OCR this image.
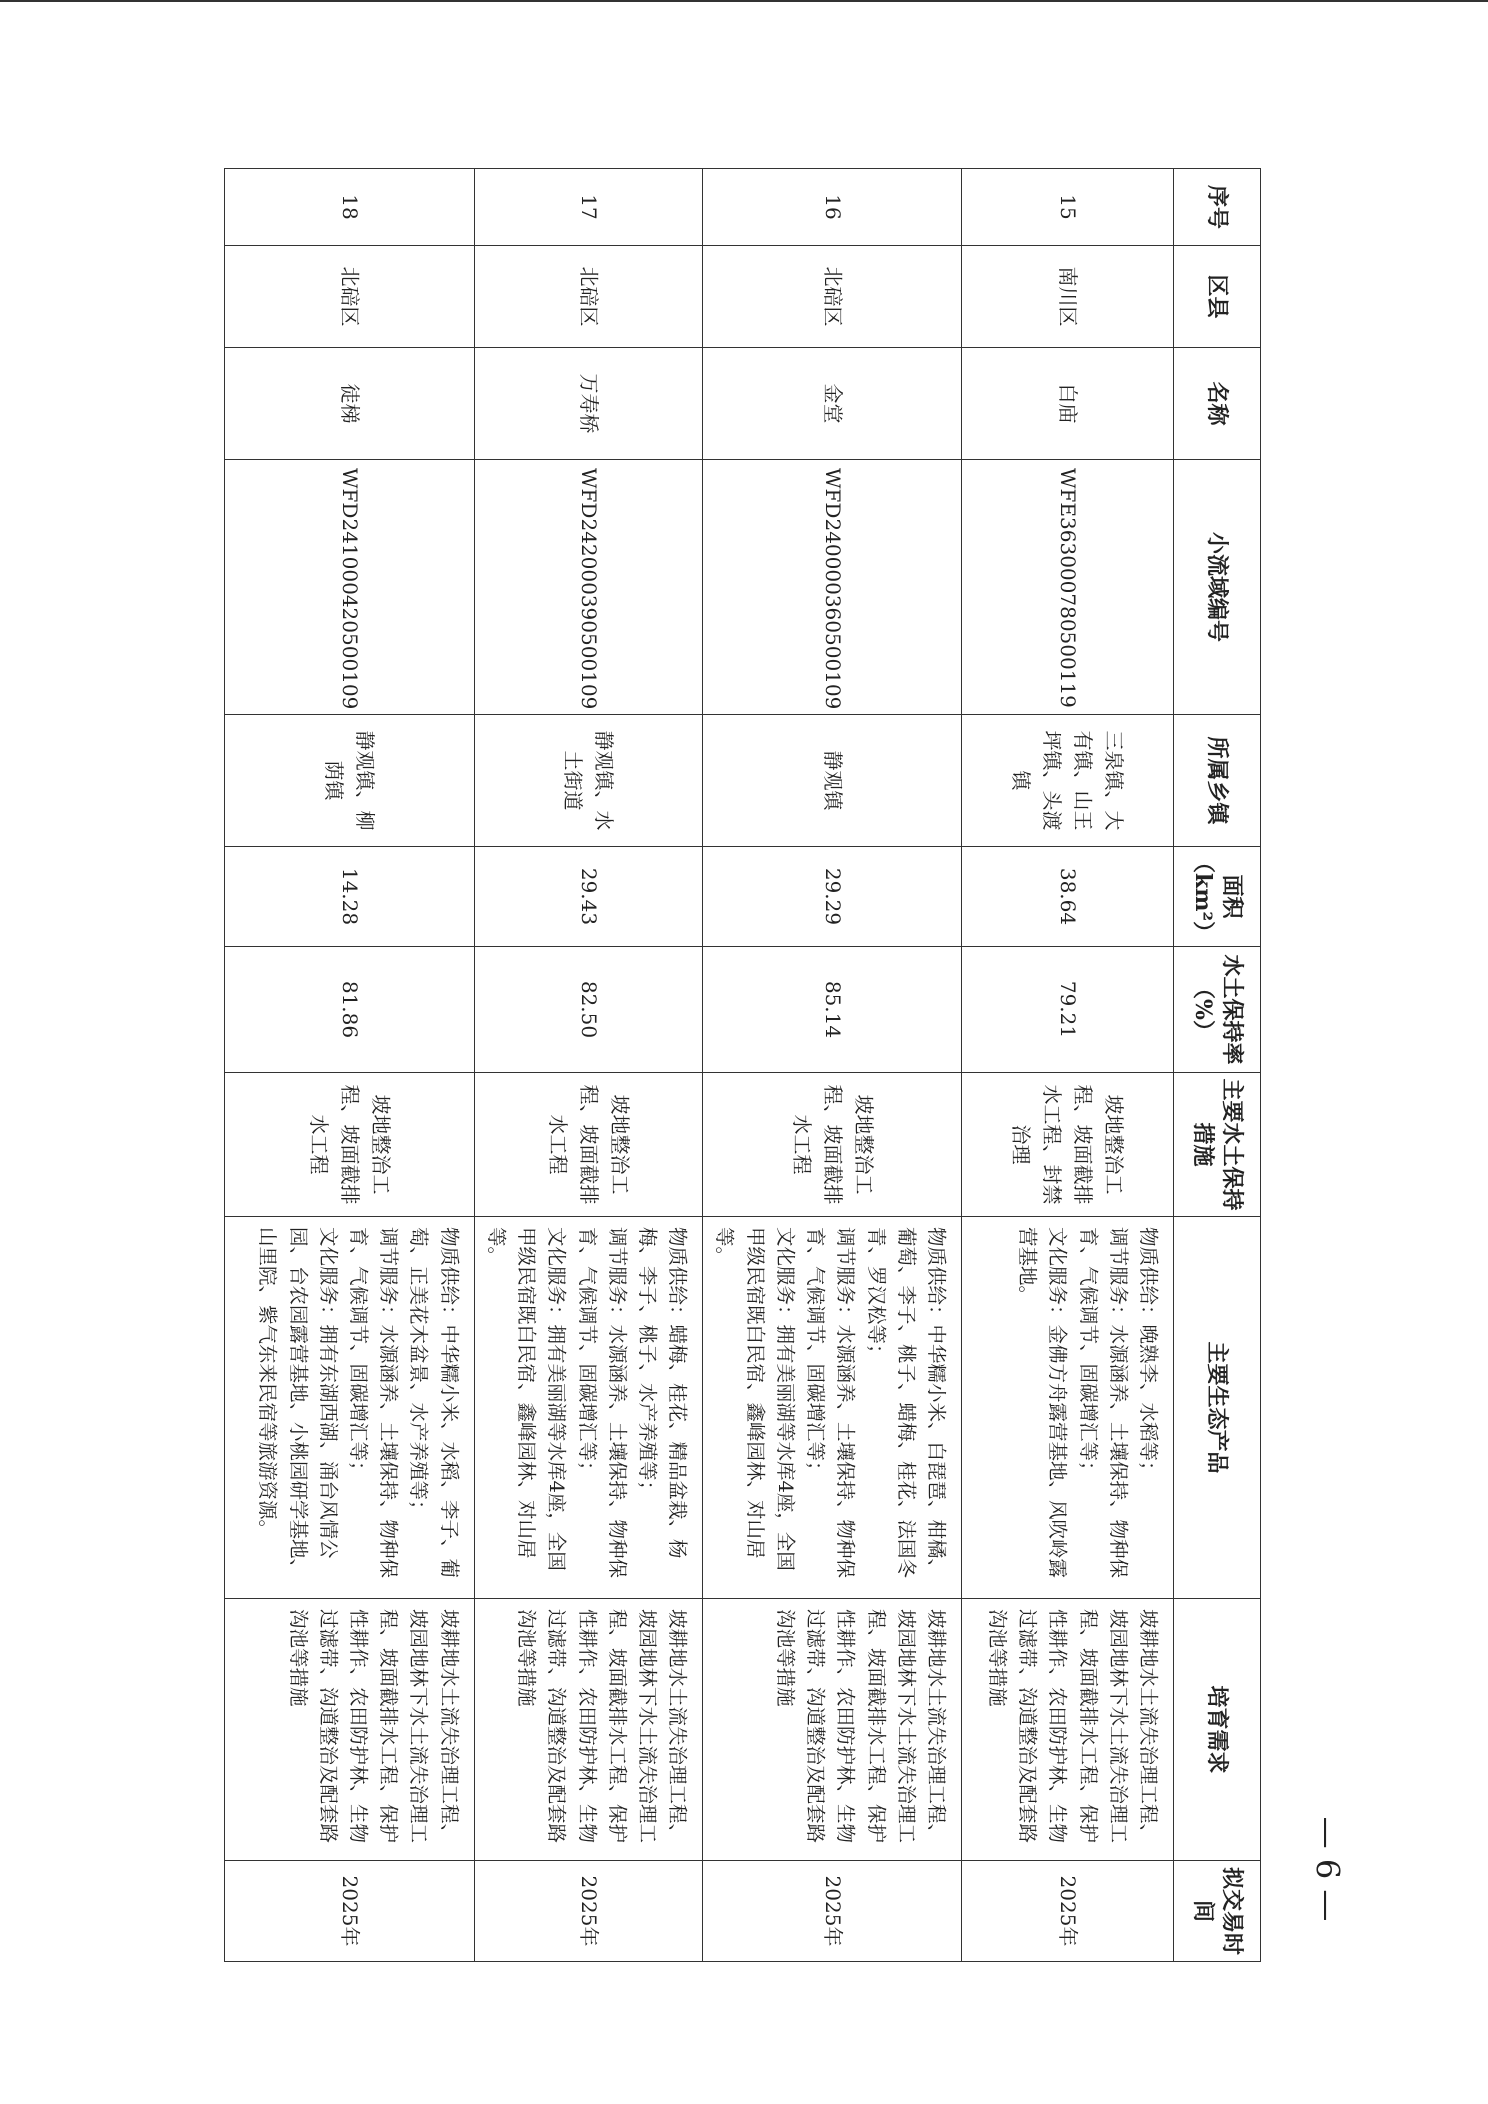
序号	区县	名称	小流域编号	所属乡镇	面积（km²）	水土保持率（%）	主要水土保持措施	主要生态产品	培育需求	拟交易时间
15	南川区	白庙	WFE363000780500119	三泉镇、大有镇、山王坪镇、头渡镇	38.64	79.21	坡地整治工程、坡面截排水工程、封禁治理	物质供给：晚熟李、水稻等；
调节服务：水源涵养、土壤保持、物种保育、气候调节、固碳增汇等；
文化服务：金佛方舟露营基地、风吹岭露营基地。	坡耕地水土流失治理工程、坡园地林下水土流失治理工程、坡面截排水工程、保护性耕作、农田防护林、生物过滤带、沟道整治及配套路沟池等措施	2025年
16	北碚区	金堂	WFD240000360500109	静观镇	29.29	85.14	坡地整治工程、坡面截排水工程	物质供给：中华糯小米、白琵琶、柑橘、葡萄、李子、桃子、蜡梅、桂花、法国冬青、罗汉松等；
调节服务：水源涵养、土壤保持、物种保育、气候调节、固碳增汇等；
文化服务：拥有美丽湖等水库4座，全国甲级民宿既白民宿、鑫峰园林、对山居等。	坡耕地水土流失治理工程、坡园地林下水土流失治理工程、坡面截排水工程、保护性耕作、农田防护林、生物过滤带、沟道整治及配套路沟池等措施	2025年
17	北碚区	万寿桥	WFD242000390500109	静观镇、水土街道	29.43	82.50	坡地整治工程、坡面截排水工程	物质供给：蜡梅、桂花、精品盆栽、杨梅、李子、桃子、水产养殖等；
调节服务：水源涵养、土壤保持、物种保育、气候调节、固碳增汇等；
文化服务：拥有美丽湖等水库4座，全国甲级民宿既白民宿、鑫峰园林、对山居等。	坡耕地水土流失治理工程、坡园地林下水土流失治理工程、坡面截排水工程、保护性耕作、农田防护林、生物过滤带、沟道整治及配套路沟池等措施	2025年
18	北碚区	徒梯	WFD241000420500109	静观镇、柳荫镇	14.28	81.86	坡地整治工程、坡面截排水工程	物质供给：中华糯小米、水稻、李子、葡萄、正美花木盆景、水产养殖等；
调节服务：水源涵养、土壤保持、物种保育、气候调节、固碳增汇等；
文化服务：拥有东湖西湖、涌台风情公园、台农园露营基地、小桃园研学基地、山里院、紫气东来民宿等旅游资源。	坡耕地水土流失治理工程、坡园地林下水土流失治理工程、坡面截排水工程、保护性耕作、农田防护林、生物过滤带、沟道整治及配套路沟池等措施	2025年	— 6 —
